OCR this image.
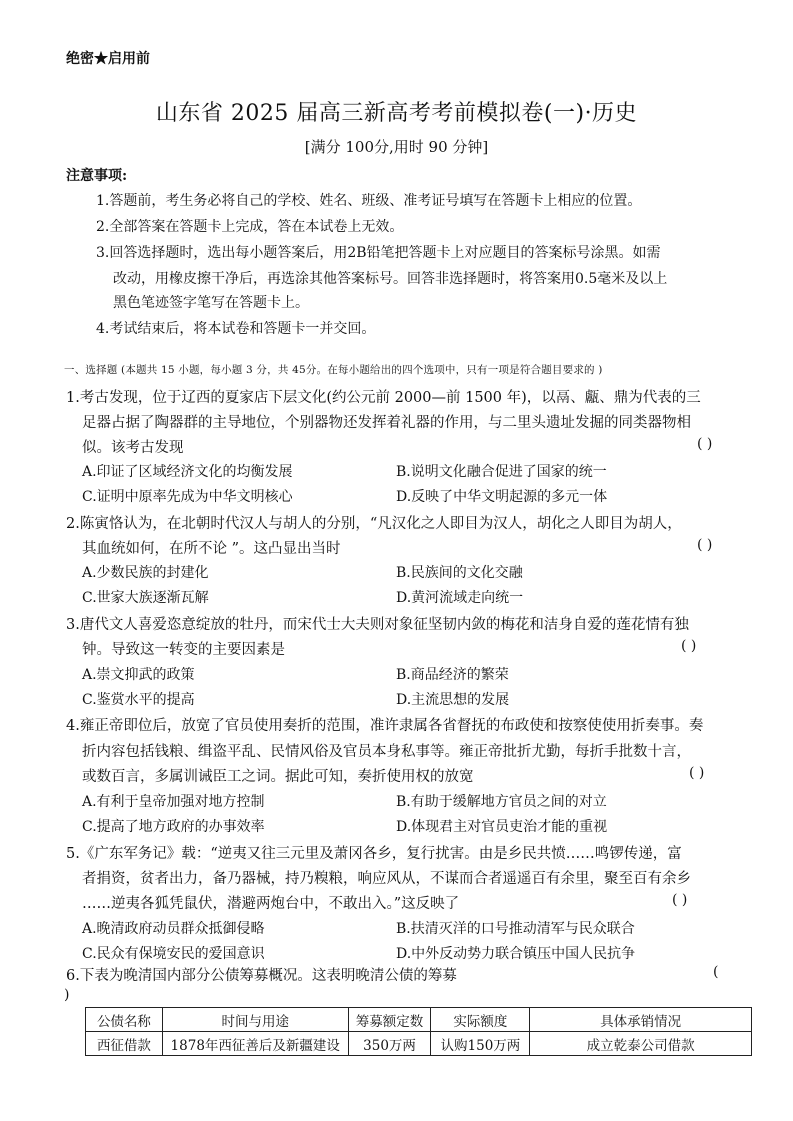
绝密★启用前
山东省 2025 届高三新高考考前模拟卷(一)·历史
[满分 100分,用时 90 分钟]
注意事项:
1.答题前，考生务必将自己的学校、姓名、班级、准考证号填写在答题卡上相应的位置。
2.全部答案在答题卡上完成，答在本试卷上无效。
3.回答选择题时，选出每小题答案后，用2B铅笔把答题卡上对应题目的答案标号涂黑。如需
改动，用橡皮擦干净后，再选涂其他答案标号。回答非选择题时，将答案用0.5毫米及以上
黑色笔迹签字笔写在答题卡上。
4.考试结束后，将本试卷和答题卡一并交回。
一、选择题 (本题共 15 小题，每小题 3 分，共 45分。在每小题给出的四个选项中，只有一项是符合题目要求的 )
1.考古发现，位于辽西的夏家店下层文化(约公元前 2000—前 1500 年)，以鬲、甗、鼎为代表的三
足器占据了陶器群的主导地位，个别器物还发挥着礼器的作用，与二里头遗址发掘的同类器物相
似。该考古发现	( )
A.印证了区域经济文化的均衡发展	B.说明文化融合促进了国家的统一
C.证明中原率先成为中华文明核心	D.反映了中华文明起源的多元一体
2.陈寅恪认为，在北朝时代汉人与胡人的分别，“凡汉化之人即目为汉人，胡化之人即目为胡人，
其血统如何，在所不论 ”。这凸显出当时	( )
A.少数民族的封建化	B.民族间的文化交融
C.世家大族逐渐瓦解	D.黄河流域走向统一
3.唐代文人喜爱恣意绽放的牡丹，而宋代士大夫则对象征坚韧内敛的梅花和洁身自爱的莲花情有独
钟。导致这一转变的主要因素是	( )
A.崇文抑武的政策	B.商品经济的繁荣
C.鉴赏水平的提高	D.主流思想的发展
4.雍正帝即位后，放宽了官员使用奏折的范围，准许隶属各省督抚的布政使和按察使使用折奏事。奏
折内容包括钱粮、缉盗平乱、民情风俗及官员本身私事等。雍正帝批折尤勤，每折手批数十言，
或数百言，多属训诫臣工之词。据此可知，奏折使用权的放宽	( )
A.有利于皇帝加强对地方控制	B.有助于缓解地方官员之间的对立
C.提高了地方政府的办事效率	D.体现君主对官员吏治才能的重视
5.《广东军务记》载：“逆夷又往三元里及萧冈各乡，复行扰害。由是乡民共愤……鸣锣传递，富
者捐资，贫者出力，备乃器械，持乃糗粮，响应风从，不谋而合者遥遥百有余里，聚至百有余乡
……逆夷各狐凭鼠伏，潜避两炮台中，不敢出入。”这反映了	( )
A.晚清政府动员群众抵御侵略	B.扶清灭洋的口号推动清军与民众联合
C.民众有保境安民的爱国意识	D.中外反动势力联合镇压中国人民抗争
6.下表为晚清国内部分公债筹募概况。这表明晚清公债的筹募	(
)
公债名称	时间与用途	筹募额定数	实际额度	具体承销情况
西征借款	1878年西征善后及新疆建设	350万两	认购150万两	成立乾泰公司借款
